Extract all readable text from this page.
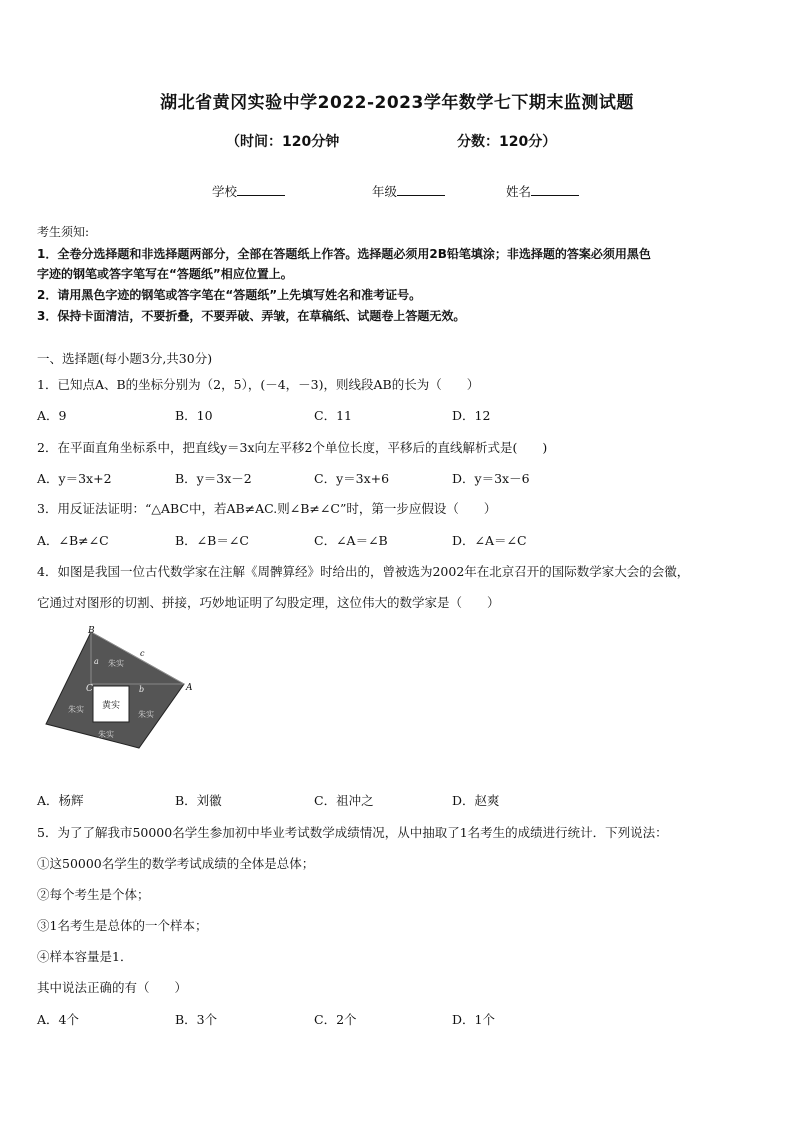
湖北省黄冈实验中学2022-2023学年数学七下期末监测试题
（时间：120分钟	分数：120分）
学校	年级	姓名
考生须知:
1．全卷分选择题和非选择题两部分，全部在答题纸上作答。选择题必须用2B铅笔填涂；非选择题的答案必须用黑色
字迹的钢笔或答字笔写在“答题纸”相应位置上。
2．请用黑色字迹的钢笔或答字笔在“答题纸”上先填写姓名和准考证号。
3．保持卡面清洁，不要折叠，不要弄破、弄皱，在草稿纸、试题卷上答题无效。
一、选择题(每小题3分,共30分)
1．已知点A、B的坐标分别为（2，5），(－4，－3)，则线段AB的长为（　　）
A．9	B．10	C．11	D．12
2．在平面直角坐标系中，把直线y＝3x向左平移2个单位长度，平移后的直线解析式是(　　)
A．y＝3x+2	B．y＝3x－2	C．y＝3x+6	D．y＝3x－6
3．用反证法证明：“△ABC中，若AB≠AC.则∠B≠∠C”时，第一步应假设（　　）
A．∠B≠∠C	B．∠B＝∠C	C．∠A＝∠B	D．∠A＝∠C
4．如图是我国一位古代数学家在注解《周髀算经》时给出的，曾被选为2002年在北京召开的国际数学家大会的会徽，
它通过对图形的切割、拼接，巧妙地证明了勾股定理，这位伟大的数学家是（　　）
黄实
朱实
朱实
朱实
朱实
B
A
C
a
b
c
A．杨辉	B．刘徽	C．祖冲之	D．赵爽
5．为了了解我市50000名学生参加初中毕业考试数学成绩情况，从中抽取了1名考生的成绩进行统计．下列说法：
①这50000名学生的数学考试成绩的全体是总体；
②每个考生是个体；
③1名考生是总体的一个样本；
④样本容量是1．
其中说法正确的有（　　）
A．4个	B．3个	C．2个	D．1个
